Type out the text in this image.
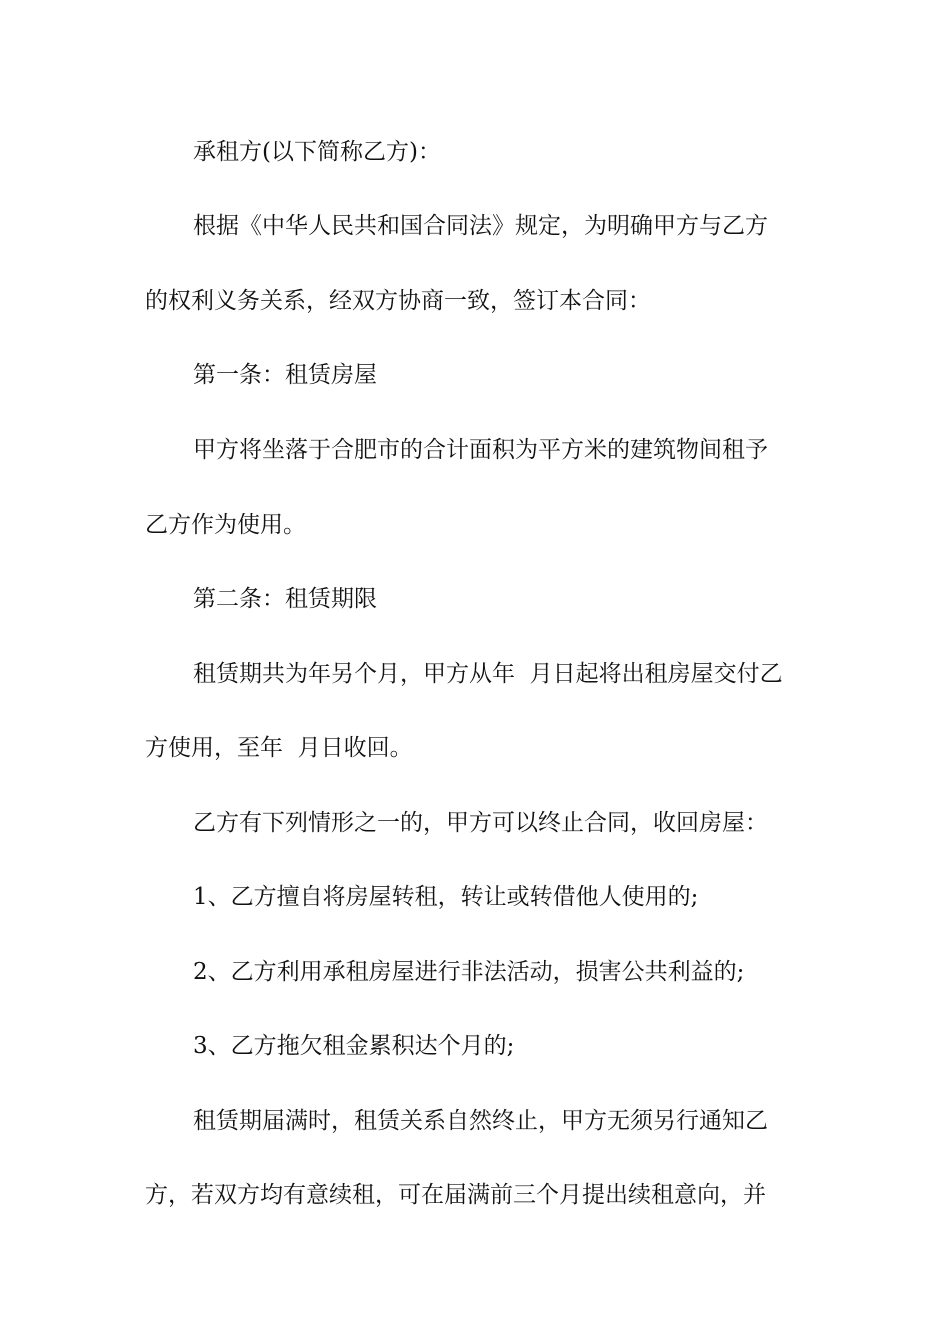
承租方(以下简称乙方)：
根据《中华人民共和国合同法》规定，为明确甲方与乙方
的权利义务关系，经双方协商一致，签订本合同：
第一条：租赁房屋
甲方将坐落于合肥市的合计面积为平方米的建筑物间租予
乙方作为使用。
第二条：租赁期限
租赁期共为年另个月，甲方从年  月日起将出租房屋交付乙
方使用，至年  月日收回。
乙方有下列情形之一的，甲方可以终止合同，收回房屋：
1、乙方擅自将房屋转租，转让或转借他人使用的;
2、乙方利用承租房屋进行非法活动，损害公共利益的;
3、乙方拖欠租金累积达个月的;
租赁期届满时，租赁关系自然终止，甲方无须另行通知乙
方，若双方均有意续租，可在届满前三个月提出续租意向，并
